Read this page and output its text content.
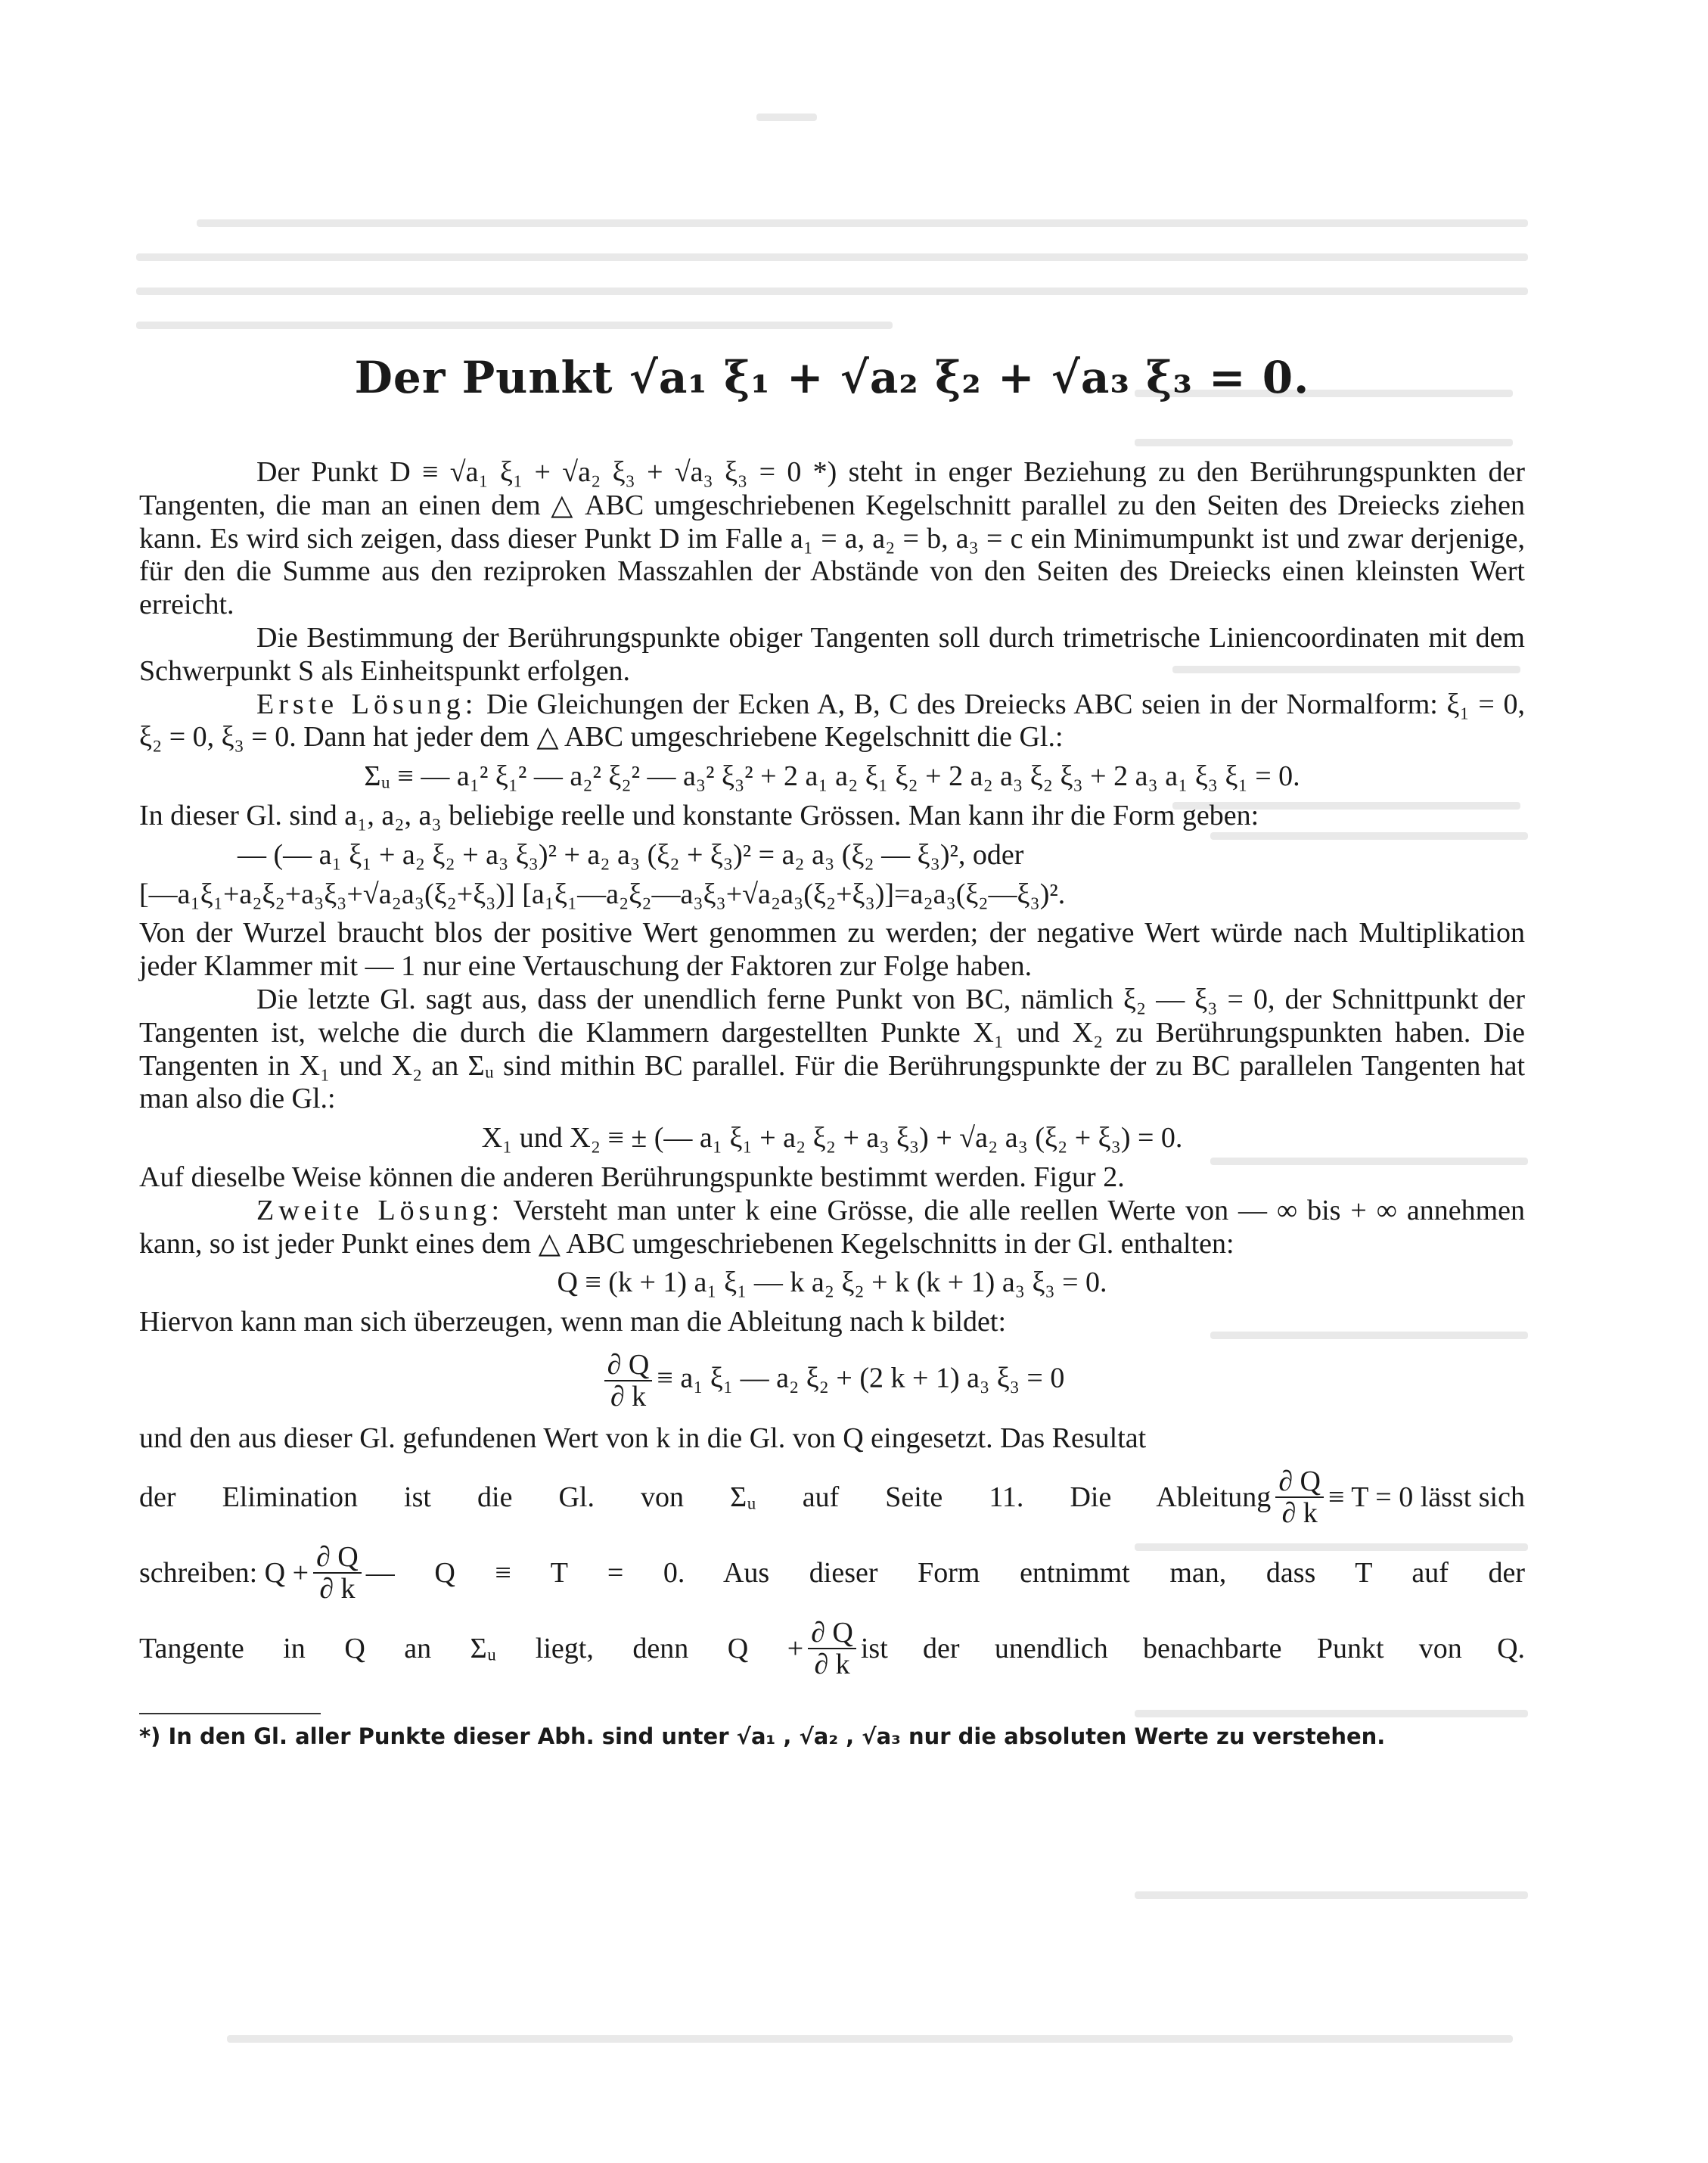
Der Punkt √a₁ ξ₁ + √a₂ ξ₂ + √a₃ ξ₃ = 0.

Der Punkt D ≡ √a₁ ξ₁ + √a₂ ξ₃ + √a₃ ξ₃ = 0 *) steht in enger Beziehung zu den Berührungspunkten der Tangenten, die man an einen dem △ ABC umgeschriebenen Kegelschnitt parallel zu den Seiten des Dreiecks ziehen kann. Es wird sich zeigen, dass dieser Punkt D im Falle a₁ = a, a₂ = b, a₃ = c ein Minimumpunkt ist und zwar derjenige, für den die Summe aus den reziproken Masszahlen der Abstände von den Seiten des Dreiecks einen kleinsten Wert erreicht.

Die Bestimmung der Berührungspunkte obiger Tangenten soll durch trimetrische Liniencoordinaten mit dem Schwerpunkt S als Einheitspunkt erfolgen.

Erste Lösung: Die Gleichungen der Ecken A, B, C des Dreiecks ABC seien in der Normalform: ξ₁ = 0, ξ₂ = 0, ξ₃ = 0. Dann hat jeder dem △ ABC umgeschriebene Kegelschnitt die Gl.:

Σᵤ ≡ — a₁² ξ₁² — a₂² ξ₂² — a₃² ξ₃² + 2 a₁ a₂ ξ₁ ξ₂ + 2 a₂ a₃ ξ₂ ξ₃ + 2 a₃ a₁ ξ₃ ξ₁ = 0.

In dieser Gl. sind a₁, a₂, a₃ beliebige reelle und konstante Grössen. Man kann ihr die Form geben:

— (— a₁ ξ₁ + a₂ ξ₂ + a₃ ξ₃)² + a₂ a₃ (ξ₂ + ξ₃)² = a₂ a₃ (ξ₂ — ξ₃)², oder
[—a₁ξ₁+a₂ξ₂+a₃ξ₃+√a₂a₃(ξ₂+ξ₃)] [a₁ξ₁—a₂ξ₂—a₃ξ₃+√a₂a₃(ξ₂+ξ₃)]=a₂a₃(ξ₂—ξ₃)².

Von der Wurzel braucht blos der positive Wert genommen zu werden; der negative Wert würde nach Multiplikation jeder Klammer mit — 1 nur eine Vertauschung der Faktoren zur Folge haben.

Die letzte Gl. sagt aus, dass der unendlich ferne Punkt von BC, nämlich ξ₂ — ξ₃ = 0, der Schnittpunkt der Tangenten ist, welche die durch die Klammern dargestellten Punkte X₁ und X₂ zu Berührungspunkten haben. Die Tangenten in X₁ und X₂ an Σᵤ sind mithin BC parallel. Für die Berührungspunkte der zu BC parallelen Tangenten hat man also die Gl.:

X₁ und X₂ ≡ ± (— a₁ ξ₁ + a₂ ξ₂ + a₃ ξ₃) + √a₂ a₃ (ξ₂ + ξ₃) = 0.

Auf dieselbe Weise können die anderen Berührungspunkte bestimmt werden. Figur 2.

Zweite Lösung: Versteht man unter k eine Grösse, die alle reellen Werte von — ∞ bis + ∞ annehmen kann, so ist jeder Punkt eines dem △ ABC umgeschriebenen Kegelschnitts in der Gl. enthalten:

Q ≡ (k + 1) a₁ ξ₁ — k a₂ ξ₂ + k (k + 1) a₃ ξ₃ = 0.

Hiervon kann man sich überzeugen, wenn man die Ableitung nach k bildet:

$\frac{\partial Q}{\partial k} \equiv a_1$ ξ₁ — a₂ ξ₂ + (2 k + 1) a₃ ξ₃ = 0

und den aus dieser Gl. gefundenen Wert von k in die Gl. von Q eingesetzt. Das Resultat

der Elimination ist die Gl. von Σᵤ auf Seite 11. Die Ableitung $\frac{\partial Q}{\partial k} \equiv T = 0$ lässt sich
schreiben: $Q + \frac{\partial Q}{\partial k}$ — Q ≡ T = 0. Aus dieser Form entnimmt man, dass T auf der
Tangente in Q an Σᵤ liegt, denn $Q + \frac{\partial Q}{\partial k}$ ist der unendlich benachbarte Punkt von Q.
*) In den Gl. aller Punkte dieser Abh. sind unter √a₁ , √a₂ , √a₃ nur die absoluten Werte zu verstehen.
